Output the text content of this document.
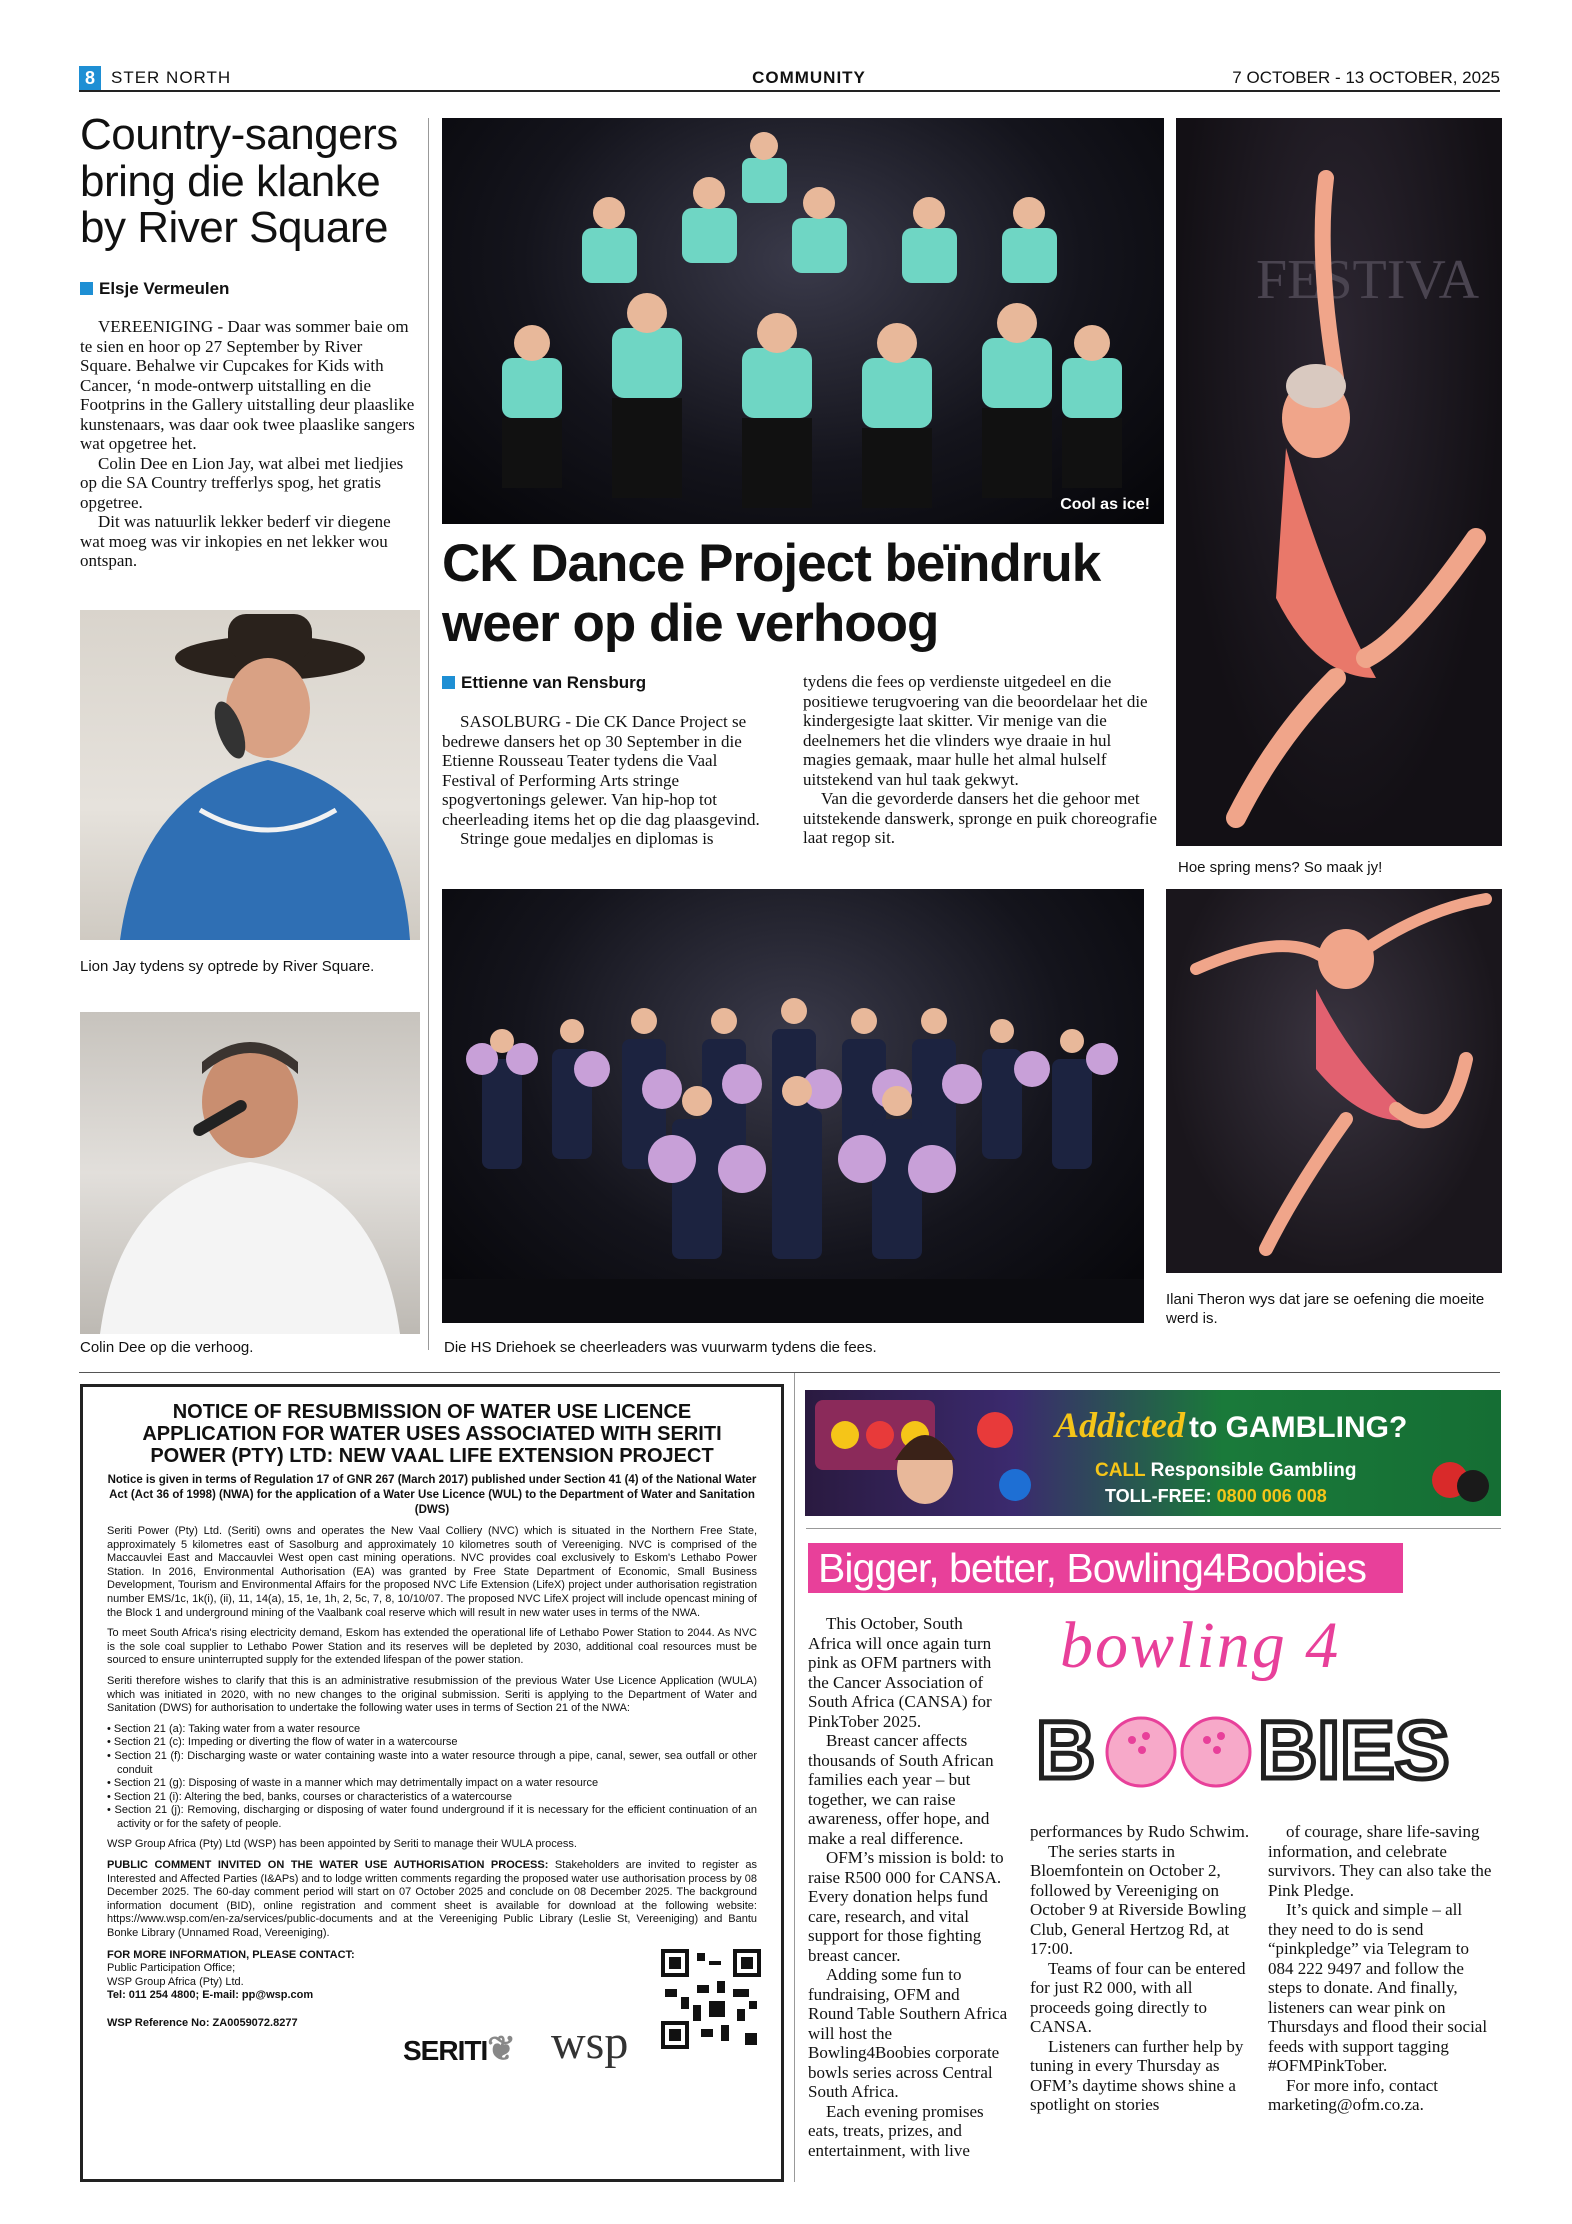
8 STER NORTH	COMMUNITY	7 OCTOBER - 13 OCTOBER, 2025
Country-sangers bring die klanke by River Square
Elsje Vermeulen

VEREENIGING - Daar was sommer baie om te sien en hoor op 27 September by River Square. Behalwe vir Cupcakes for Kids with Cancer, ‘n mode-ontwerp uitstalling en die Footprins in the Gallery uitstalling deur plaaslike kunstenaars, was daar ook twee plaaslike sangers wat opgetree het.

Colin Dee en Lion Jay, wat albei met liedjies op die SA Country trefferlys spog, het gratis opgetree.

Dit was natuurlik lekker bederf vir diegene wat moeg was vir inkopies en net lekker wou ontspan.

Lion Jay tydens sy optrede by River Square.
Colin Dee op die verhoog.
Cool as ice!
CK Dance Project beïndruk weer op die verhoog
Ettienne van Rensburg

SASOLBURG - Die CK Dance Project se bedrewe dansers het op 30 September in die Etienne Rousseau Teater tydens die Vaal Festival of Performing Arts stringe spogvertonings gelewer. Van hip-hop tot cheerleading items het op die dag plaasgevind.

Stringe goue medaljes en diplomas is

tydens die fees op verdienste uitgedeel en die positiewe terugvoering van die beoordelaar het die kindergesigte laat skitter. Vir menige van die deelnemers het die vlinders wye draaie in hul magies gemaak, maar hulle het almal hulself uitstekend van hul taak gekwyt.

Van die gevorderde dansers het die gehoor met uitstekende danswerk, spronge en puik choreografie laat regop sit.

FESTIVA
Hoe spring mens? So maak jy!
Die HS Driehoek se cheerleaders was vuurwarm tydens die fees.
Ilani Theron wys dat jare se oefening die moeite werd is.
NOTICE OF RESUBMISSION OF WATER USE LICENCE APPLICATION FOR WATER USES ASSOCIATED WITH SERITI POWER (PTY) LTD: NEW VAAL LIFE EXTENSION PROJECT
Notice is given in terms of Regulation 17 of GNR 267 (March 2017) published under Section 41 (4) of the National Water Act (Act 36 of 1998) (NWA) for the application of a Water Use Licence (WUL) to the Department of Water and Sanitation (DWS)
Seriti Power (Pty) Ltd. (Seriti) owns and operates the New Vaal Colliery (NVC) which is situated in the Northern Free State, approximately 5 kilometres east of Sasolburg and approximately 10 kilometres south of Vereeniging. NVC is comprised of the Maccauvlei East and Maccauvlei West open cast mining operations. NVC provides coal exclusively to Eskom's Lethabo Power Station. In 2016, Environmental Authorisation (EA) was granted by Free State Department of Economic, Small Business Development, Tourism and Environmental Affairs for the proposed NVC Life Extension (LifeX) project under authorisation registration number EMS/1c, 1k(i), (ii), 11, 14(a), 15, 1e, 1h, 2, 5c, 7, 8, 10/10/07. The proposed NVC LifeX project will include opencast mining of the Block 1 and underground mining of the Vaalbank coal reserve which will result in new water uses in terms of the NWA.
To meet South Africa's rising electricity demand, Eskom has extended the operational life of Lethabo Power Station to 2044. As NVC is the sole coal supplier to Lethabo Power Station and its reserves will be depleted by 2030, additional coal resources must be sourced to ensure uninterrupted supply for the extended lifespan of the power station.
Seriti therefore wishes to clarify that this is an administrative resubmission of the previous Water Use Licence Application (WULA) which was initiated in 2020, with no new changes to the original submission. Seriti is applying to the Department of Water and Sanitation (DWS) for authorisation to undertake the following water uses in terms of Section 21 of the NWA:
• Section 21 (a): Taking water from a water resource
• Section 21 (c): Impeding or diverting the flow of water in a watercourse
• Section 21 (f): Discharging waste or water containing waste into a water resource through a pipe, canal, sewer, sea outfall or other conduit
• Section 21 (g): Disposing of waste in a manner which may detrimentally impact on a water resource
• Section 21 (i): Altering the bed, banks, courses or characteristics of a watercourse
• Section 21 (j): Removing, discharging or disposing of water found underground if it is necessary for the efficient continuation of an activity or for the safety of people.
WSP Group Africa (Pty) Ltd (WSP) has been appointed by Seriti to manage their WULA process.
PUBLIC COMMENT INVITED ON THE WATER USE AUTHORISATION PROCESS: Stakeholders are invited to register as Interested and Affected Parties (I&APs) and to lodge written comments regarding the proposed water use authorisation process by 08 December 2025. The 60-day comment period will start on 07 October 2025 and conclude on 08 December 2025. The background information document (BID), online registration and comment sheet is available for download at the following website: https://www.wsp.com/en-za/services/public-documents and at the Vereeniging Public Library (Leslie St, Vereeniging) and Bantu Bonke Library (Unnamed Road, Vereeniging).
FOR MORE INFORMATION, PLEASE CONTACT:
Public Participation Office;
WSP Group Africa (Pty) Ltd.
Tel: 011 254 4800; E-mail: pp@wsp.com

WSP Reference No: ZA0059072.8277
SERITI❦ wsp
Addicted to GAMBLING?
CALL Responsible Gambling
TOLL-FREE: 0800 006 008
Bigger, better, Bowling4Boobies

This October, South Africa will once again turn pink as OFM partners with the Cancer Association of South Africa (CANSA) for PinkTober 2025.

Breast cancer affects thousands of South African families each year – but together, we can raise awareness, offer hope, and make a real difference.

OFM’s mission is bold: to raise R500 000 for CANSA. Every donation helps fund care, research, and vital support for those fighting breast cancer.

Adding some fun to fundraising, OFM and Round Table Southern Africa will host the Bowling4Boobies corporate bowls series across Central South Africa.

Each evening promises eats, treats, prizes, and entertainment, with live

bowling 4
B BIES

performances by Rudo Schwim.

The series starts in Bloemfontein on October 2, followed by Vereeniging on October 9 at Riverside Bowling Club, General Hertzog Rd, at 17:00.

Teams of four can be entered for just R2 000, with all proceeds going directly to CANSA.

Listeners can further help by tuning in every Thursday as OFM’s daytime shows shine a spotlight on stories

of courage, share life-saving information, and celebrate survivors. They can also take the Pink Pledge.

It’s quick and simple – all they need to do is send “pinkpledge” via Telegram to 084 222 9497 and follow the steps to donate. And finally, listeners can wear pink on Thursdays and flood their social feeds with support tagging #OFMPinkTober.

For more info, contact marketing@ofm.co.za.
